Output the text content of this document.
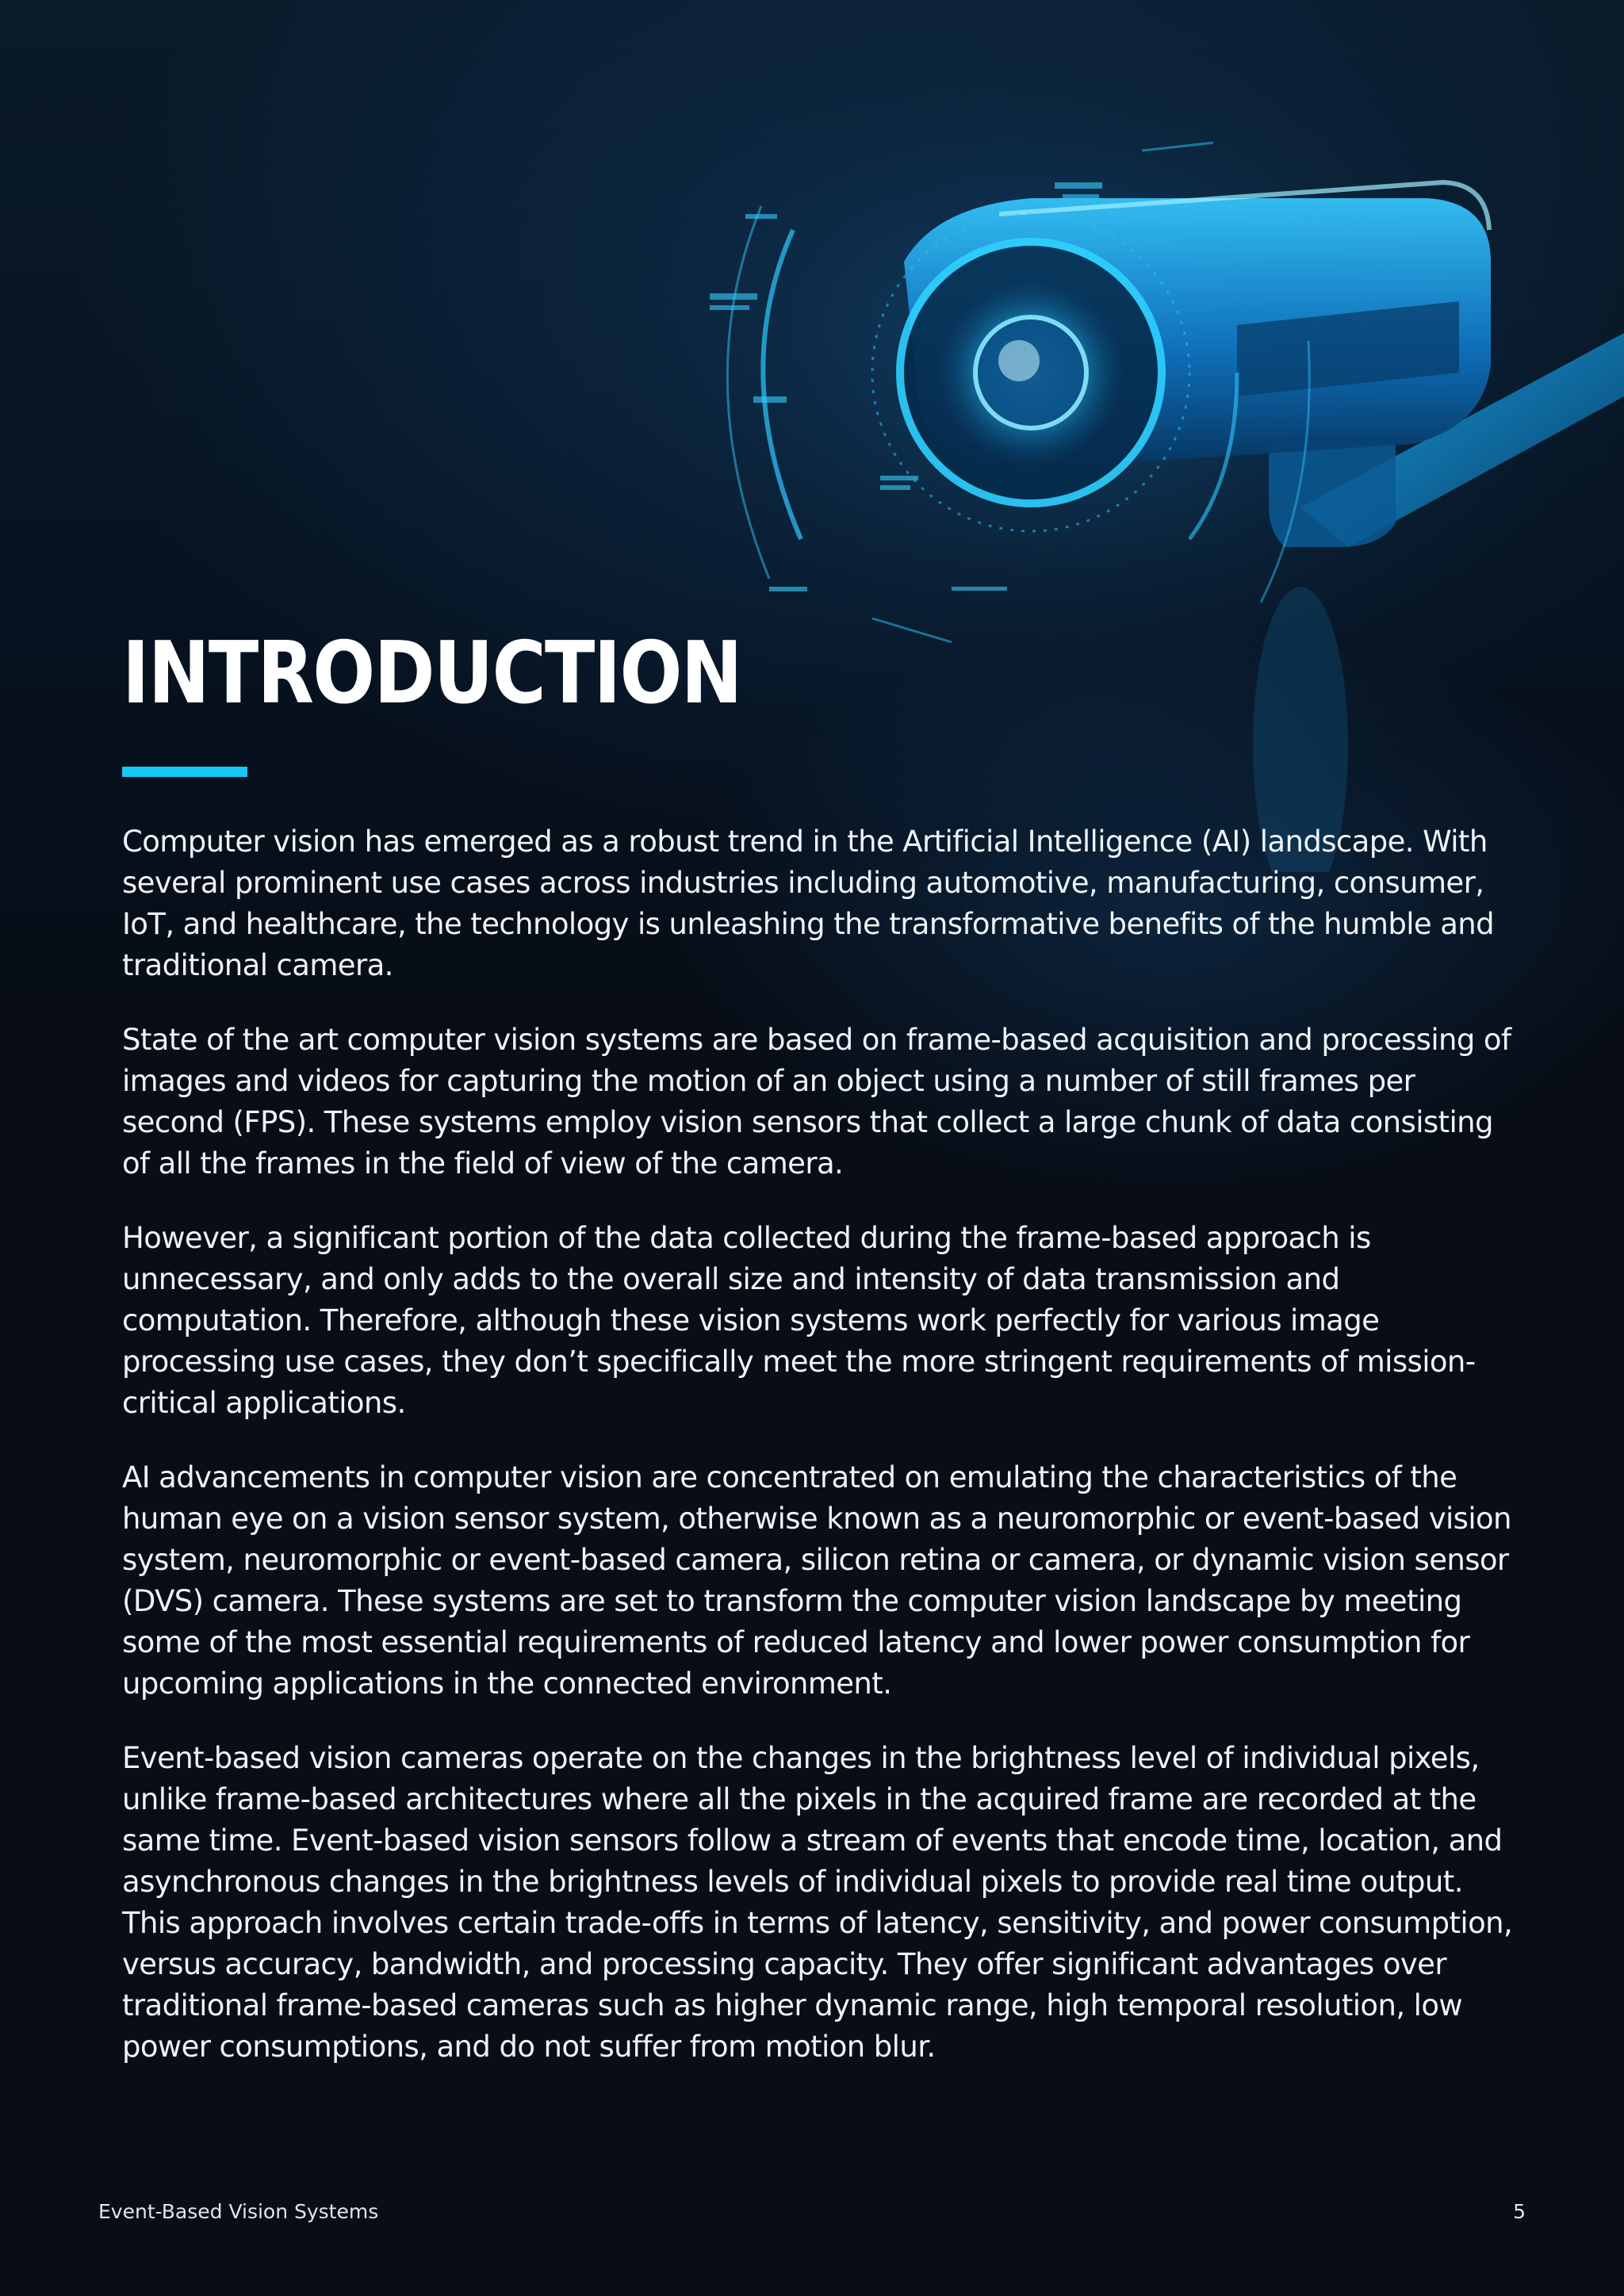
INTRODUCTION

Computer vision has emerged as a robust trend in the Artificial Intelligence (AI) landscape. With several prominent use cases across industries including automotive, manufacturing, consumer, IoT, and healthcare, the technology is unleashing the transformative benefits of the humble and traditional camera.

State of the art computer vision systems are based on frame-based acquisition and processing of images and videos for capturing the motion of an object using a number of still frames per second (FPS). These systems employ vision sensors that collect a large chunk of data consisting of all the frames in the field of view of the camera.

However, a significant portion of the data collected during the frame-based approach is unnecessary, and only adds to the overall size and intensity of data transmission and computation. Therefore, although these vision systems work perfectly for various image processing use cases, they don’t specifically meet the more stringent requirements of mission-critical applications.

AI advancements in computer vision are concentrated on emulating the characteristics of the human eye on a vision sensor system, otherwise known as a neuromorphic or event-based vision system, neuromorphic or event-based camera, silicon retina or camera, or dynamic vision sensor (DVS) camera. These systems are set to transform the computer vision landscape by meeting some of the most essential requirements of reduced latency and lower power consumption for upcoming applications in the connected environment.

Event-based vision cameras operate on the changes in the brightness level of individual pixels, unlike frame-based architectures where all the pixels in the acquired frame are recorded at the same time. Event-based vision sensors follow a stream of events that encode time, location, and asynchronous changes in the brightness levels of individual pixels to provide real time output. This approach involves certain trade-offs in terms of latency, sensitivity, and power consumption, versus accuracy, bandwidth, and processing capacity. They offer significant advantages over traditional frame-based cameras such as higher dynamic range, high temporal resolution, low power consumptions, and do not suffer from motion blur.

Event-Based Vision Systems	5
